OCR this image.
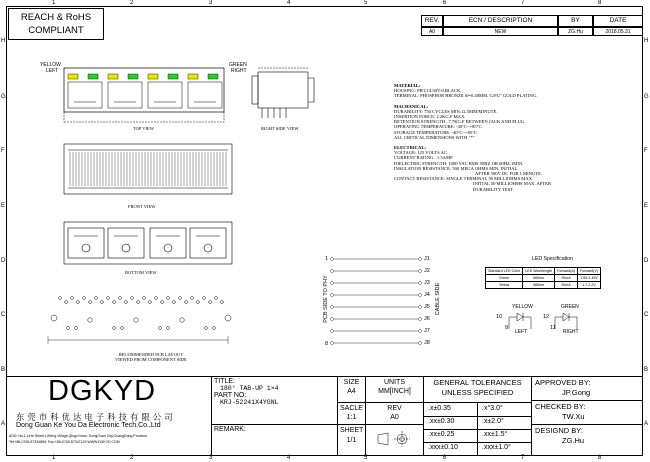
1	2	3	4	5	6	7	8
1	2	3	4	5	6	7	8
H
G
F
E
D
C
B
A
H
G
F
E
D
C
B
A
REACH & RoHS
COMPLIANT
REV.	ECN / DESCRIPTION	BY	DATE
A0	NEW	ZG.Hu	2018.05.31
YELLOW
LEFT
GREEN
RIGHT
TOP VIEW	RIGHT SIDE VIEW
FRONT VIEW
BOTTOM VIEW
RECOMMENDED PCB LAYOUT
VIEWED FROM COMPONENT SIDE
MATERIAL:
HOUSING: PBT,UL94V-0,BLACK.
TERMINAL: PHOSPHOR BRONZE t0=0.40MM, G/FU" GOLD PLATING.
MACHANICAL:
DURABILITY: 750 CYCLES MIN,12.5MM/MINUTE.
INSERTION FORCE: 2.2KG.F MAX.
RETENTION STRENGTH : 7.7KG.F BETWEEN JACK AND PLUG.
OPERATING TEMPERATURE: -40°C~+85°C.
STORAGE TEMPERATURE: -40°C~+85°C.
ALL CRITICAL DIMENSIONS WITH "*"
ELECTRICAL:
VOLTAGE: 125 VOLTS AC.
CURRENT RATING : 1.5AMP
DIELECTRIC STRENGTH: 1000 VAC RMS 50HZ OR 60HZ,1MIN.
INSULATION RESISTANCE: 500 MEGA OHMS MIN. INITIAL
AFTER 500V DC FOR 1 MINUTE.
CONTACT RESISTANCE: SINGLE TERMINAL 30 MILLIOHMS MAX.
INITIAL 50 MILLIOHMS MAX. AFTER
DURABILITY TEST.
1
8
J1
J2
J3
J4
J5
J6
J7
J8
PCB SIDE TO PHY	CABLE SIDE
LED Specification
Standard LED Color	LED Wavelength	Forward(A)	Forward(V)
Green	565nm	20mA	1.95-2.45V
Yellow	585nm	20mA	1.7-2.2V
YELLOW	GREEN
10
9
12
11
LEFT	RIGHT
DGKYD
东 莞 市 科 优 达 电 子 科 技 有 限 公 司
Dong Guan Ke You Da Electronic Tech.Co.,Ltd
ADD: No.1 LiHe Street,LiHeng Village,Qingxi town, DongGuan City,GuangDong Province
Tel:+86-0769-87334859; Fax:+86-0769-87347129 WWW.DGKYD.COM
TITLE:
180° TAB-UP 1×4
PART NO:
KRJ-52241X4YGNL
REMARK:
SIZE
A4
UNITS
MM[INCH]
SACLE
1:1
REV
A0
SHEET
1/1
GENERAL TOLERANCES
UNLESS SPECIFIED
.x±0.35	.x°3.0°
.xx±0.30	.x±2.0°
.xx±0.25	.xx±1.5°
.xxx±0.10	.xxx±1.0°
APPROVED BY:
JP.Gong
CHECKED BY:
TW.Xu
DESIGND BY:
ZG.Hu
